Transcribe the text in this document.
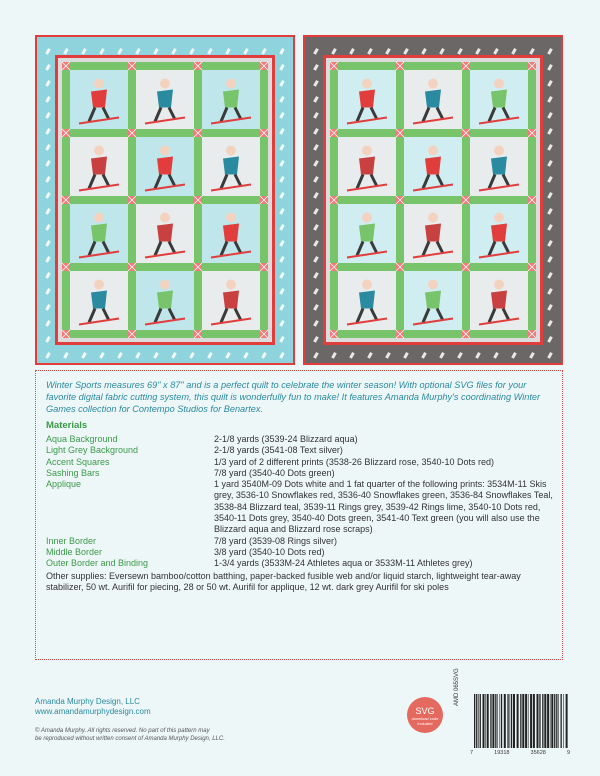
Winter Sports measures 69" x 87" and is a perfect quilt to celebrate the winter season! With optional SVG files for your favorite digital fabric cutting system, this quilt is wonderfully fun to make! It features Amanda Murphy's coordinating Winter Games collection for Contempo Studios for Benartex.

Materials
Aqua Background	2-1/8 yards (3539-24 Blizzard aqua)
Light Grey Background	2-1/8 yards (3541-08 Text silver)
Accent Squares	1/3 yard of 2 different prints (3538-26 Blizzard rose, 3540-10 Dots red)
Sashing Bars	7/8 yard (3540-40 Dots green)
Applique	1 yard 3540M-09 Dots white and 1 fat quarter of the following prints: 3534M-11 Skis grey, 3536-10 Snowflakes red, 3536-40 Snowflakes green, 3536-84 Snowflakes Teal, 3538-84 Blizzard teal, 3539-11 Rings grey, 3539-42 Rings lime, 3540-10 Dots red, 3540-11 Dots grey, 3540-40 Dots green, 3541-40 Text green (you will also use the Blizzard aqua and Blizzard rose scraps)
Inner Border	7/8 yard (3539-08 Rings silver)
Middle Border	3/8 yard (3540-10 Dots red)
Outer Border and Binding	1-3/4 yards (3533M-24 Athletes aqua or 3533M-11 Athletes grey)
Other supplies: Eversewn bamboo/cotton batthing, paper-backed fusible web and/or liquid starch, lightweight tear-away stabilizer, 50 wt. Aurifil for piecing, 28 or 50 wt. Aurifil for applique, 12 wt. dark grey Aurifil for ski poles
Amanda Murphy Design, LLC
www.amandamurphydesign.com
© Amanda Murphy. All rights reserved. No part of this pattern may
be reproduced without written consent of Amanda Murphy Design, LLC.
SVG
download code included
AMD 065SVG
7	19318	35628	9
